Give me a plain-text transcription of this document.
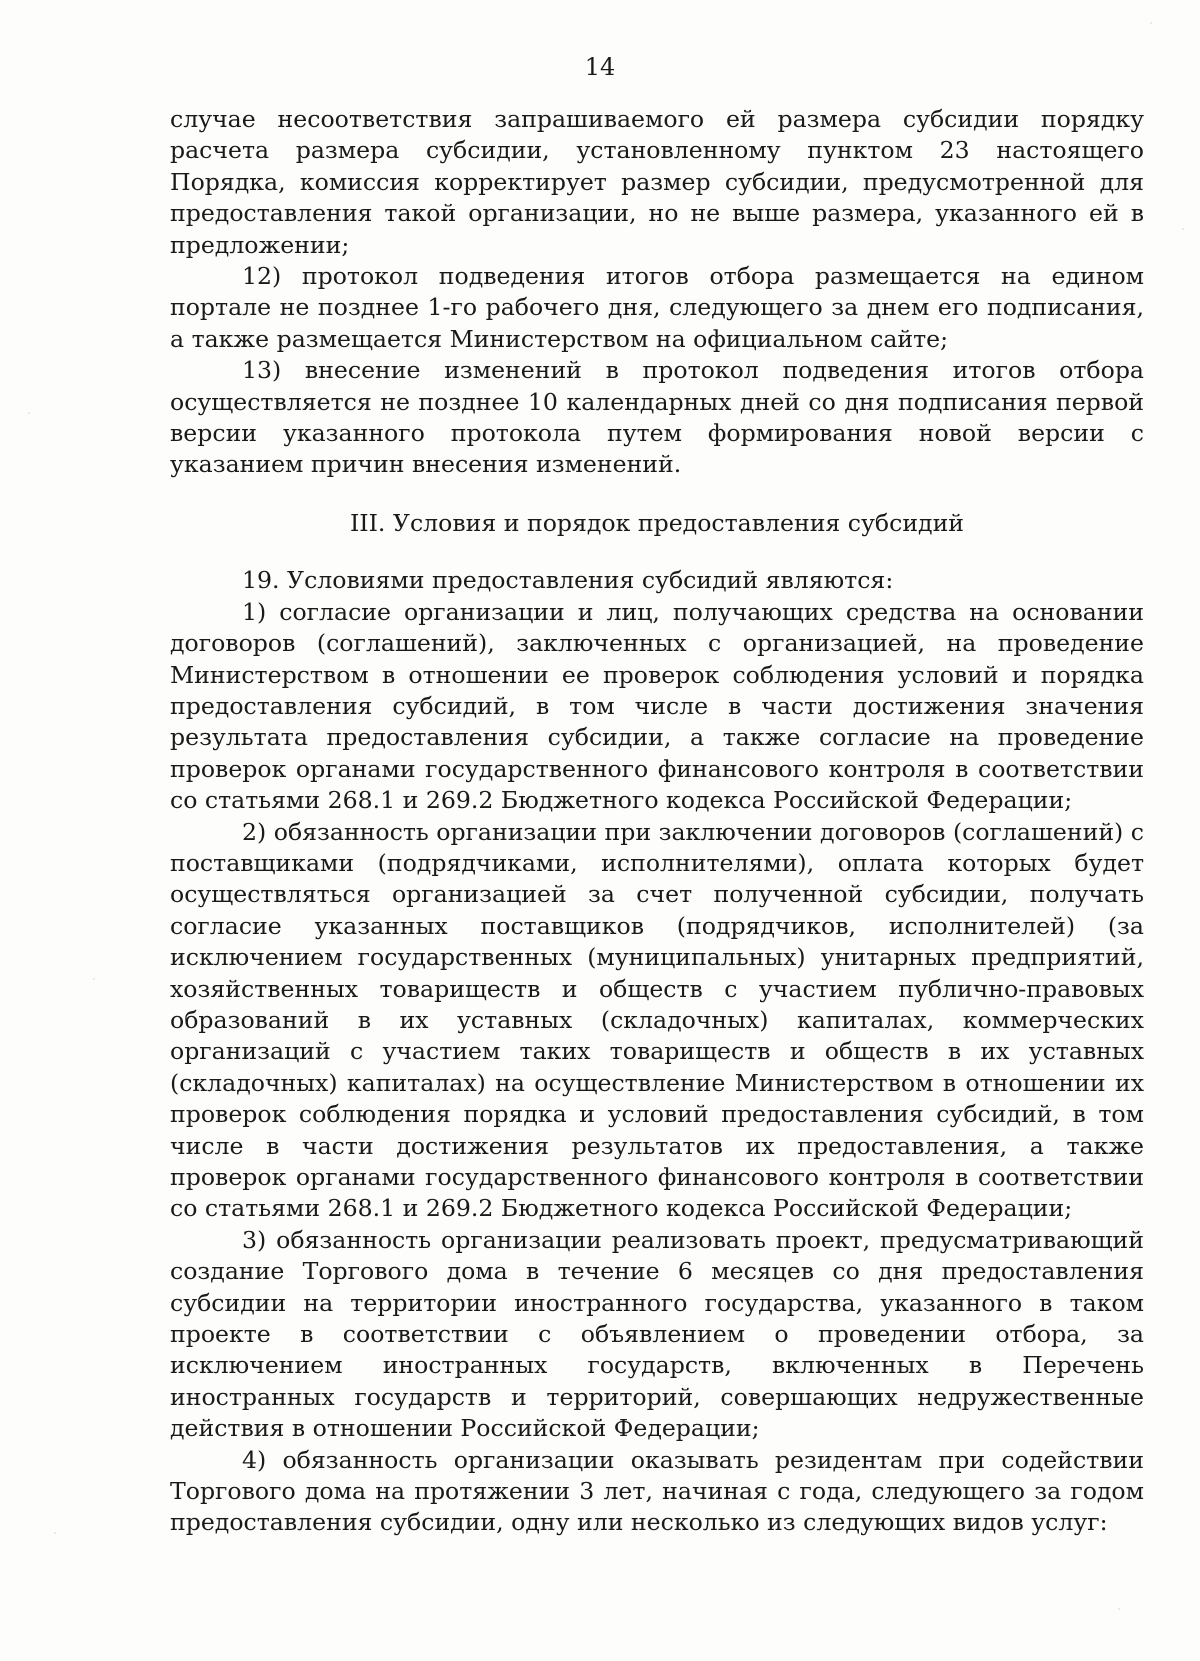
14

случае несоответствия запрашиваемого ей размера субсидии порядку расчета размера субсидии, установленному пунктом 23 настоящего Порядка, комиссия корректирует размер субсидии, предусмотренной для предоставления такой организации, но не выше размера, указанного ей в предложении;

12) протокол подведения итогов отбора размещается на едином портале не позднее 1-го рабочего дня, следующего за днем его подписания, а также размещается Министерством на официальном сайте;

13) внесение изменений в протокол подведения итогов отбора осуществляется не позднее 10 календарных дней со дня подписания первой версии указанного протокола путем формирования новой версии с указанием причин внесения изменений.

III. Условия и порядок предоставления субсидий

19. Условиями предоставления субсидий являются:

1) согласие организации и лиц, получающих средства на основании договоров (соглашений), заключенных с организацией, на проведение Министерством в отношении ее проверок соблюдения условий и порядка предоставления субсидий, в том числе в части достижения значения результата предоставления субсидии, а также согласие на проведение проверок органами государственного финансового контроля в соответствии со статьями 268.1 и 269.2 Бюджетного кодекса Российской Федерации;

2) обязанность организации при заключении договоров (соглашений) с поставщиками (подрядчиками, исполнителями), оплата которых будет осуществляться организацией за счет полученной субсидии, получать согласие указанных поставщиков (подрядчиков, исполнителей) (за исключением государственных (муниципальных) унитарных предприятий, хозяйственных товариществ и обществ с участием публично-правовых образований в их уставных (складочных) капиталах, коммерческих организаций с участием таких товариществ и обществ в их уставных (складочных) капиталах) на осуществление Министерством в отношении их проверок соблюдения порядка и условий предоставления субсидий, в том числе в части достижения результатов их предоставления, а также проверок органами государственного финансового контроля в соответствии со статьями 268.1 и 269.2 Бюджетного кодекса Российской Федерации;

3) обязанность организации реализовать проект, предусматривающий создание Торгового дома в течение 6 месяцев со дня предоставления субсидии на территории иностранного государства, указанного в таком проекте в соответствии с объявлением о проведении отбора, за исключением иностранных государств, включенных в Перечень иностранных государств и территорий, совершающих недружественные действия в отношении Российской Федерации;

4) обязанность организации оказывать резидентам при содействии Торгового дома на протяжении 3 лет, начиная с года, следующего за годом предоставления субсидии, одну или несколько из следующих видов услуг:
